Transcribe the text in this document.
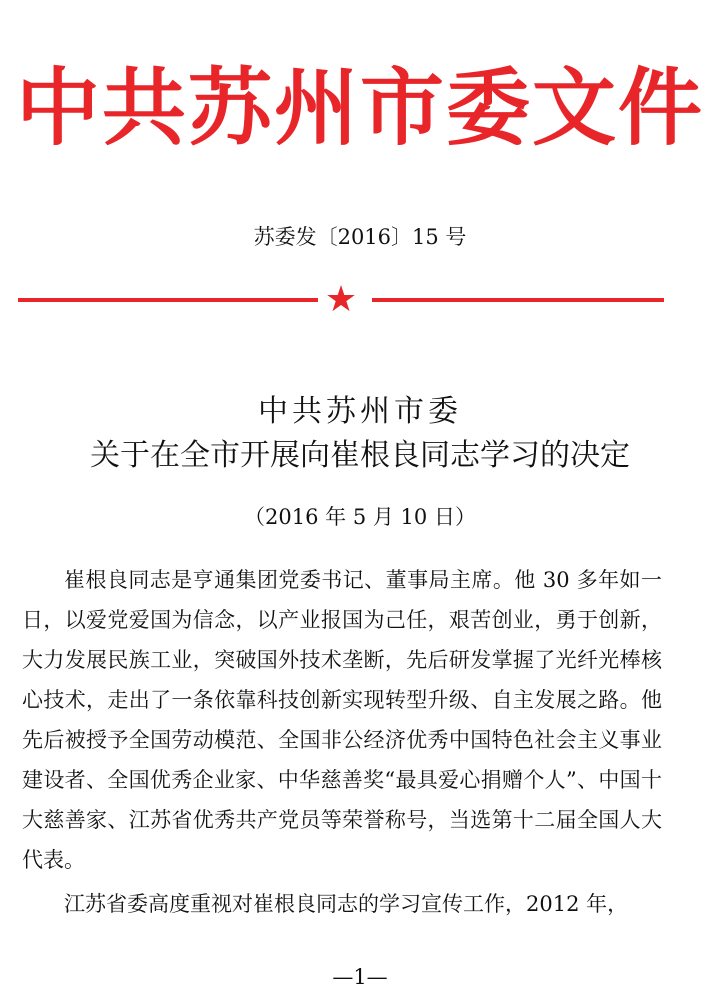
中共苏州市委文件
苏委发〔2016〕15 号
★
中共苏州市委
关于在全市开展向崔根良同志学习的决定
（2016 年 5 月 10 日）

崔根良同志是亨通集团党委书记、董事局主席。他 30 多年如一日，以爱党爱国为信念，以产业报国为己任，艰苦创业，勇于创新，大力发展民族工业，突破国外技术垄断，先后研发掌握了光纤光棒核心技术，走出了一条依靠科技创新实现转型升级、自主发展之路。他先后被授予全国劳动模范、全国非公经济优秀中国特色社会主义事业建设者、全国优秀企业家、中华慈善奖“最具爱心捐赠个人”、中国十大慈善家、江苏省优秀共产党员等荣誉称号，当选第十二届全国人大代表。

江苏省委高度重视对崔根良同志的学习宣传工作，2012 年，

—1—
